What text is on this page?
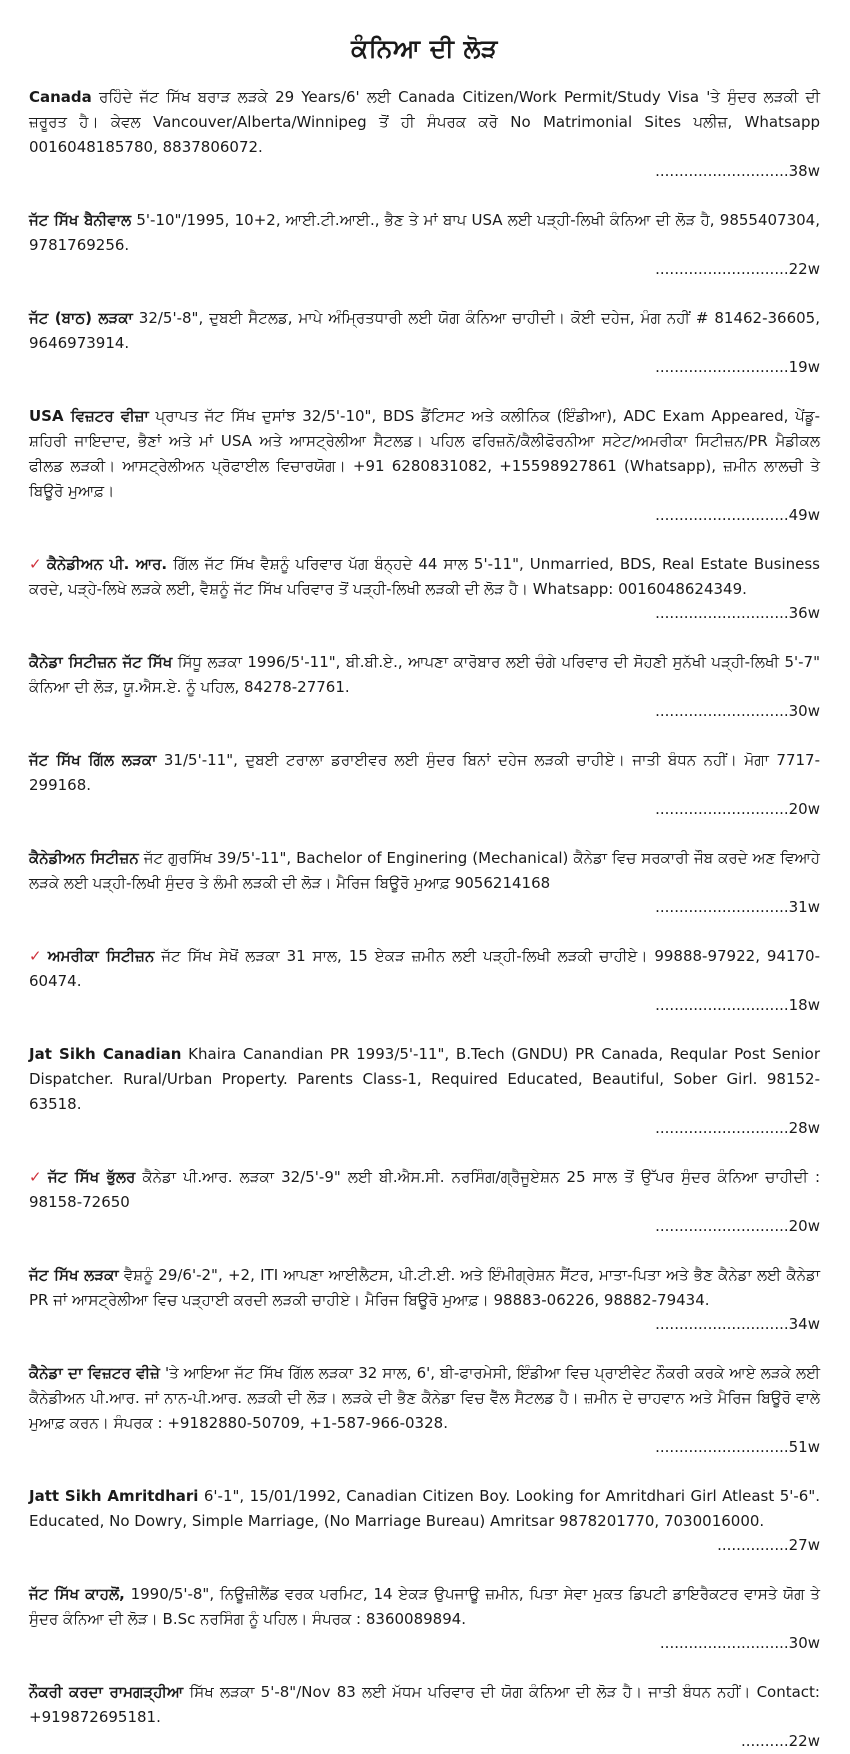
ਕੰਨਿਆ ਦੀ ਲੋੜ
Canada ਰਹਿੰਦੇ ਜੱਟ ਸਿੱਖ ਬਰਾੜ ਲੜਕੇ 29 Years/6' ਲਈ Canada Citizen/Work Permit/Study Visa 'ਤੇ ਸੁੰਦਰ ਲੜਕੀ ਦੀ ਜ਼ਰੂਰਤ ਹੈ। ਕੇਵਲ Vancouver/Alberta/Winnipeg ਤੋਂ ਹੀ ਸੰਪਰਕ ਕਰੋ No Matrimonial Sites ਪਲੀਜ਼, Whatsapp 0016048185780, 8837806072.
............................38w
ਜੱਟ ਸਿੱਖ ਬੈਨੀਵਾਲ 5'-10"/1995, 10+2, ਆਈ.ਟੀ.ਆਈ., ਭੈਣ ਤੇ ਮਾਂ ਬਾਪ USA ਲਈ ਪੜ੍ਹੀ-ਲਿਖੀ ਕੰਨਿਆ ਦੀ ਲੋੜ ਹੈ, 9855407304, 9781769256.
............................22w
ਜੱਟ (ਬਾਠ) ਲੜਕਾ 32/5'-8", ਦੁਬਈ ਸੈਟਲਡ, ਮਾਪੇ ਅੰਮ੍ਰਿਤਧਾਰੀ ਲਈ ਯੋਗ ਕੰਨਿਆ ਚਾਹੀਦੀ। ਕੋਈ ਦਹੇਜ, ਮੰਗ ਨਹੀਂ # 81462-36605, 9646973914.
............................19w
USA ਵਿਜ਼ਟਰ ਵੀਜ਼ਾ ਪ੍ਰਾਪਤ ਜੱਟ ਸਿੱਖ ਦੁਸਾਂਝ 32/5'-10", BDS ਡੈਂਟਿਸਟ ਅਤੇ ਕਲੀਨਿਕ (ਇੰਡੀਆ), ADC Exam Appeared, ਪੇਂਡੂ-ਸ਼ਹਿਰੀ ਜਾਇਦਾਦ, ਭੈਣਾਂ ਅਤੇ ਮਾਂ USA ਅਤੇ ਆਸਟ੍ਰੇਲੀਆ ਸੈਟਲਡ। ਪਹਿਲ ਫਰਿਜ਼ਨੋ/ਕੈਲੀਫੋਰਨੀਆ ਸਟੇਟ/ਅਮਰੀਕਾ ਸਿਟੀਜ਼ਨ/PR ਮੈਡੀਕਲ ਫੀਲਡ ਲੜਕੀ। ਆਸਟ੍ਰੇਲੀਅਨ ਪ੍ਰੋਫਾਈਲ ਵਿਚਾਰਯੋਗ। +91 6280831082, +15598927861 (Whatsapp), ਜ਼ਮੀਨ ਲਾਲਚੀ ਤੇ ਬਿਊਰੋ ਮੁਆਫ਼।
............................49w
✓ ਕੈਨੇਡੀਅਨ ਪੀ. ਆਰ. ਗਿੱਲ ਜੱਟ ਸਿੱਖ ਵੈਸ਼ਨੂੰ ਪਰਿਵਾਰ ਪੱਗ ਬੰਨ੍ਹਦੇ 44 ਸਾਲ 5'-11", Unmarried, BDS, Real Estate Business ਕਰਦੇ, ਪੜ੍ਹੇ-ਲਿਖੇ ਲੜਕੇ ਲਈ, ਵੈਸ਼ਨੂੰ ਜੱਟ ਸਿੱਖ ਪਰਿਵਾਰ ਤੋਂ ਪੜ੍ਹੀ-ਲਿਖੀ ਲੜਕੀ ਦੀ ਲੋੜ ਹੈ। Whatsapp: 0016048624349.
............................36w
ਕੈਨੇਡਾ ਸਿਟੀਜ਼ਨ ਜੱਟ ਸਿੱਖ ਸਿੱਧੂ ਲੜਕਾ 1996/5'-11", ਬੀ.ਬੀ.ਏ., ਆਪਣਾ ਕਾਰੋਬਾਰ ਲਈ ਚੰਗੇ ਪਰਿਵਾਰ ਦੀ ਸੋਹਣੀ ਸੁਨੱਖੀ ਪੜ੍ਹੀ-ਲਿਖੀ 5'-7" ਕੰਨਿਆ ਦੀ ਲੋੜ, ਯੂ.ਐਸ.ਏ. ਨੂੰ ਪਹਿਲ, 84278-27761.
............................30w
ਜੱਟ ਸਿੱਖ ਗਿੱਲ ਲੜਕਾ 31/5'-11", ਦੁਬਈ ਟਰਾਲਾ ਡਰਾਈਵਰ ਲਈ ਸੁੰਦਰ ਬਿਨਾਂ ਦਹੇਜ ਲੜਕੀ ਚਾਹੀਏ। ਜਾਤੀ ਬੰਧਨ ਨਹੀਂ। ਮੋਗਾ 7717-299168.
............................20w
ਕੈਨੇਡੀਅਨ ਸਿਟੀਜ਼ਨ ਜੱਟ ਗੁਰਸਿੱਖ 39/5'-11", Bachelor of Enginering (Mechanical) ਕੈਨੇਡਾ ਵਿਚ ਸਰਕਾਰੀ ਜੌਬ ਕਰਦੇ ਅਣ ਵਿਆਹੇ ਲੜਕੇ ਲਈ ਪੜ੍ਹੀ-ਲਿਖੀ ਸੁੰਦਰ ਤੇ ਲੰਮੀ ਲੜਕੀ ਦੀ ਲੋੜ। ਮੈਰਿਜ ਬਿਊਰੋ ਮੁਆਫ਼ 9056214168
............................31w
✓ ਅਮਰੀਕਾ ਸਿਟੀਜ਼ਨ ਜੱਟ ਸਿੱਖ ਸੇਖੋਂ ਲੜਕਾ 31 ਸਾਲ, 15 ਏਕੜ ਜ਼ਮੀਨ ਲਈ ਪੜ੍ਹੀ-ਲਿਖੀ ਲੜਕੀ ਚਾਹੀਏ। 99888-97922, 94170-60474.
............................18w
Jat Sikh Canadian Khaira Canandian PR 1993/5'-11", B.Tech (GNDU) PR Canada, Reqular Post Senior Dispatcher. Rural/Urban Property. Parents Class-1, Required Educated, Beautiful, Sober Girl. 98152-63518.
............................28w
✓ ਜੱਟ ਸਿੱਖ ਭੁੱਲਰ ਕੈਨੇਡਾ ਪੀ.ਆਰ. ਲੜਕਾ 32/5'-9" ਲਈ ਬੀ.ਐਸ.ਸੀ. ਨਰਸਿੰਗ/ਗ੍ਰੈਜੂਏਸ਼ਨ 25 ਸਾਲ ਤੋਂ ਉੱਪਰ ਸੁੰਦਰ ਕੰਨਿਆ ਚਾਹੀਦੀ : 98158-72650
............................20w
ਜੱਟ ਸਿੱਖ ਲੜਕਾ ਵੈਸ਼ਨੂੰ 29/6'-2", +2, ITI ਆਪਣਾ ਆਈਲੈਟਸ, ਪੀ.ਟੀ.ਈ. ਅਤੇ ਇੰਮੀਗ੍ਰੇਸ਼ਨ ਸੈਂਟਰ, ਮਾਤਾ-ਪਿਤਾ ਅਤੇ ਭੈਣ ਕੈਨੇਡਾ ਲਈ ਕੈਨੇਡਾ PR ਜਾਂ ਆਸਟ੍ਰੇਲੀਆ ਵਿਚ ਪੜ੍ਹਾਈ ਕਰਦੀ ਲੜਕੀ ਚਾਹੀਏ। ਮੈਰਿਜ ਬਿਊਰੋ ਮੁਆਫ਼। 98883-06226, 98882-79434.
............................34w
ਕੈਨੇਡਾ ਦਾ ਵਿਜ਼ਟਰ ਵੀਜ਼ੇ 'ਤੇ ਆਇਆ ਜੱਟ ਸਿੱਖ ਗਿੱਲ ਲੜਕਾ 32 ਸਾਲ, 6', ਬੀ-ਫਾਰਮੇਸੀ, ਇੰਡੀਆ ਵਿਚ ਪ੍ਰਾਈਵੇਟ ਨੌਕਰੀ ਕਰਕੇ ਆਏ ਲੜਕੇ ਲਈ ਕੈਨੇਡੀਅਨ ਪੀ.ਆਰ. ਜਾਂ ਨਾਨ-ਪੀ.ਆਰ. ਲੜਕੀ ਦੀ ਲੋੜ। ਲੜਕੇ ਦੀ ਭੈਣ ਕੈਨੇਡਾ ਵਿਚ ਵੈੱਲ ਸੈਟਲਡ ਹੈ। ਜ਼ਮੀਨ ਦੇ ਚਾਹਵਾਨ ਅਤੇ ਮੈਰਿਜ ਬਿਊਰੋ ਵਾਲੇ ਮੁਆਫ਼ ਕਰਨ। ਸੰਪਰਕ : +9182880-50709, +1-587-966-0328.
............................51w
Jatt Sikh Amritdhari 6'-1", 15/01/1992, Canadian Citizen Boy. Looking for Amritdhari Girl Atleast 5'-6". Educated, No Dowry, Simple Marriage, (No Marriage Bureau) Amritsar 9878201770, 7030016000.
...............27w
ਜੱਟ ਸਿੱਖ ਕਾਹਲੋਂ, 1990/5'-8", ਨਿਊਜ਼ੀਲੈਂਡ ਵਰਕ ਪਰਮਿਟ, 14 ਏਕੜ ਉਪਜਾਊ ਜ਼ਮੀਨ, ਪਿਤਾ ਸੇਵਾ ਮੁਕਤ ਡਿਪਟੀ ਡਾਇਰੈਕਟਰ ਵਾਸਤੇ ਯੋਗ ਤੇ ਸੁੰਦਰ ਕੰਨਿਆ ਦੀ ਲੋੜ। B.Sc ਨਰਸਿੰਗ ਨੂੰ ਪਹਿਲ। ਸੰਪਰਕ : 8360089894.
...........................30w
ਨੌਕਰੀ ਕਰਦਾ ਰਾਮਗੜ੍ਹੀਆ ਸਿੱਖ ਲੜਕਾ 5'-8"/Nov 83 ਲਈ ਮੱਧਮ ਪਰਿਵਾਰ ਦੀ ਯੋਗ ਕੰਨਿਆ ਦੀ ਲੋੜ ਹੈ। ਜਾਤੀ ਬੰਧਨ ਨਹੀਂ। Contact: +919872695181.
..........22w
